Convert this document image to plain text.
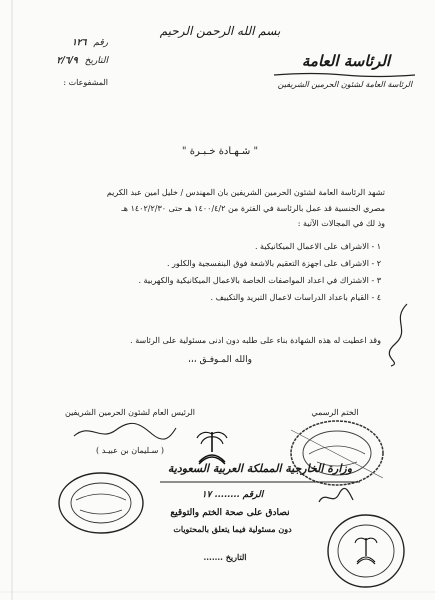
بسم الله الرحمن الرحيم
الرئاسة العامة
الرئاسة العامة لشئون الحرمين الشريفين
رقم ١٢٦
التاريخ ٢/٦/٩
المشفوعات :
" شـهـادة خـبـرة "

تشهد الرئاسة العامة لشئون الحرمين الشريفين بان المهندس / خليل امين عبد الكريم

مصري الجنسية قد عمل بالرئاسة في الفترة من ١٤٠٠/٤/٢ هـ حتى ١٤٠٢/٢/٣٠ هـ

وذ لك في المجالات الآتية :

١ - الاشراف على الاعمال الميكانيكية .
٢ - الاشراف على اجهزة التعقيم بالاشعة فوق البنفسجية والكلور .
٣ - الاشتراك في اعداد المواصفات الخاصة بالاعمال الميكانيكية والكهربية .
٤ - القيام باعداد الدراسات لاعمال التبريد والتكييف .
وقد اعطيت له هذه الشهادة بناء على طلبه دون ادنى مسئولية على الرئاسة .
والله المـوفـق ،،،
الرئيس العام لشئون الحرمين الشريفين
( سـليمان بن عبيـد )
الختم الرسمي
وزارة الخارجية المملكة العربية السعودية
الرقم ........ ١٧
نصادق على صحة الختم والتوقيع
دون مسئولية فيما يتعلق بالمحتويات
التاريخ .......
